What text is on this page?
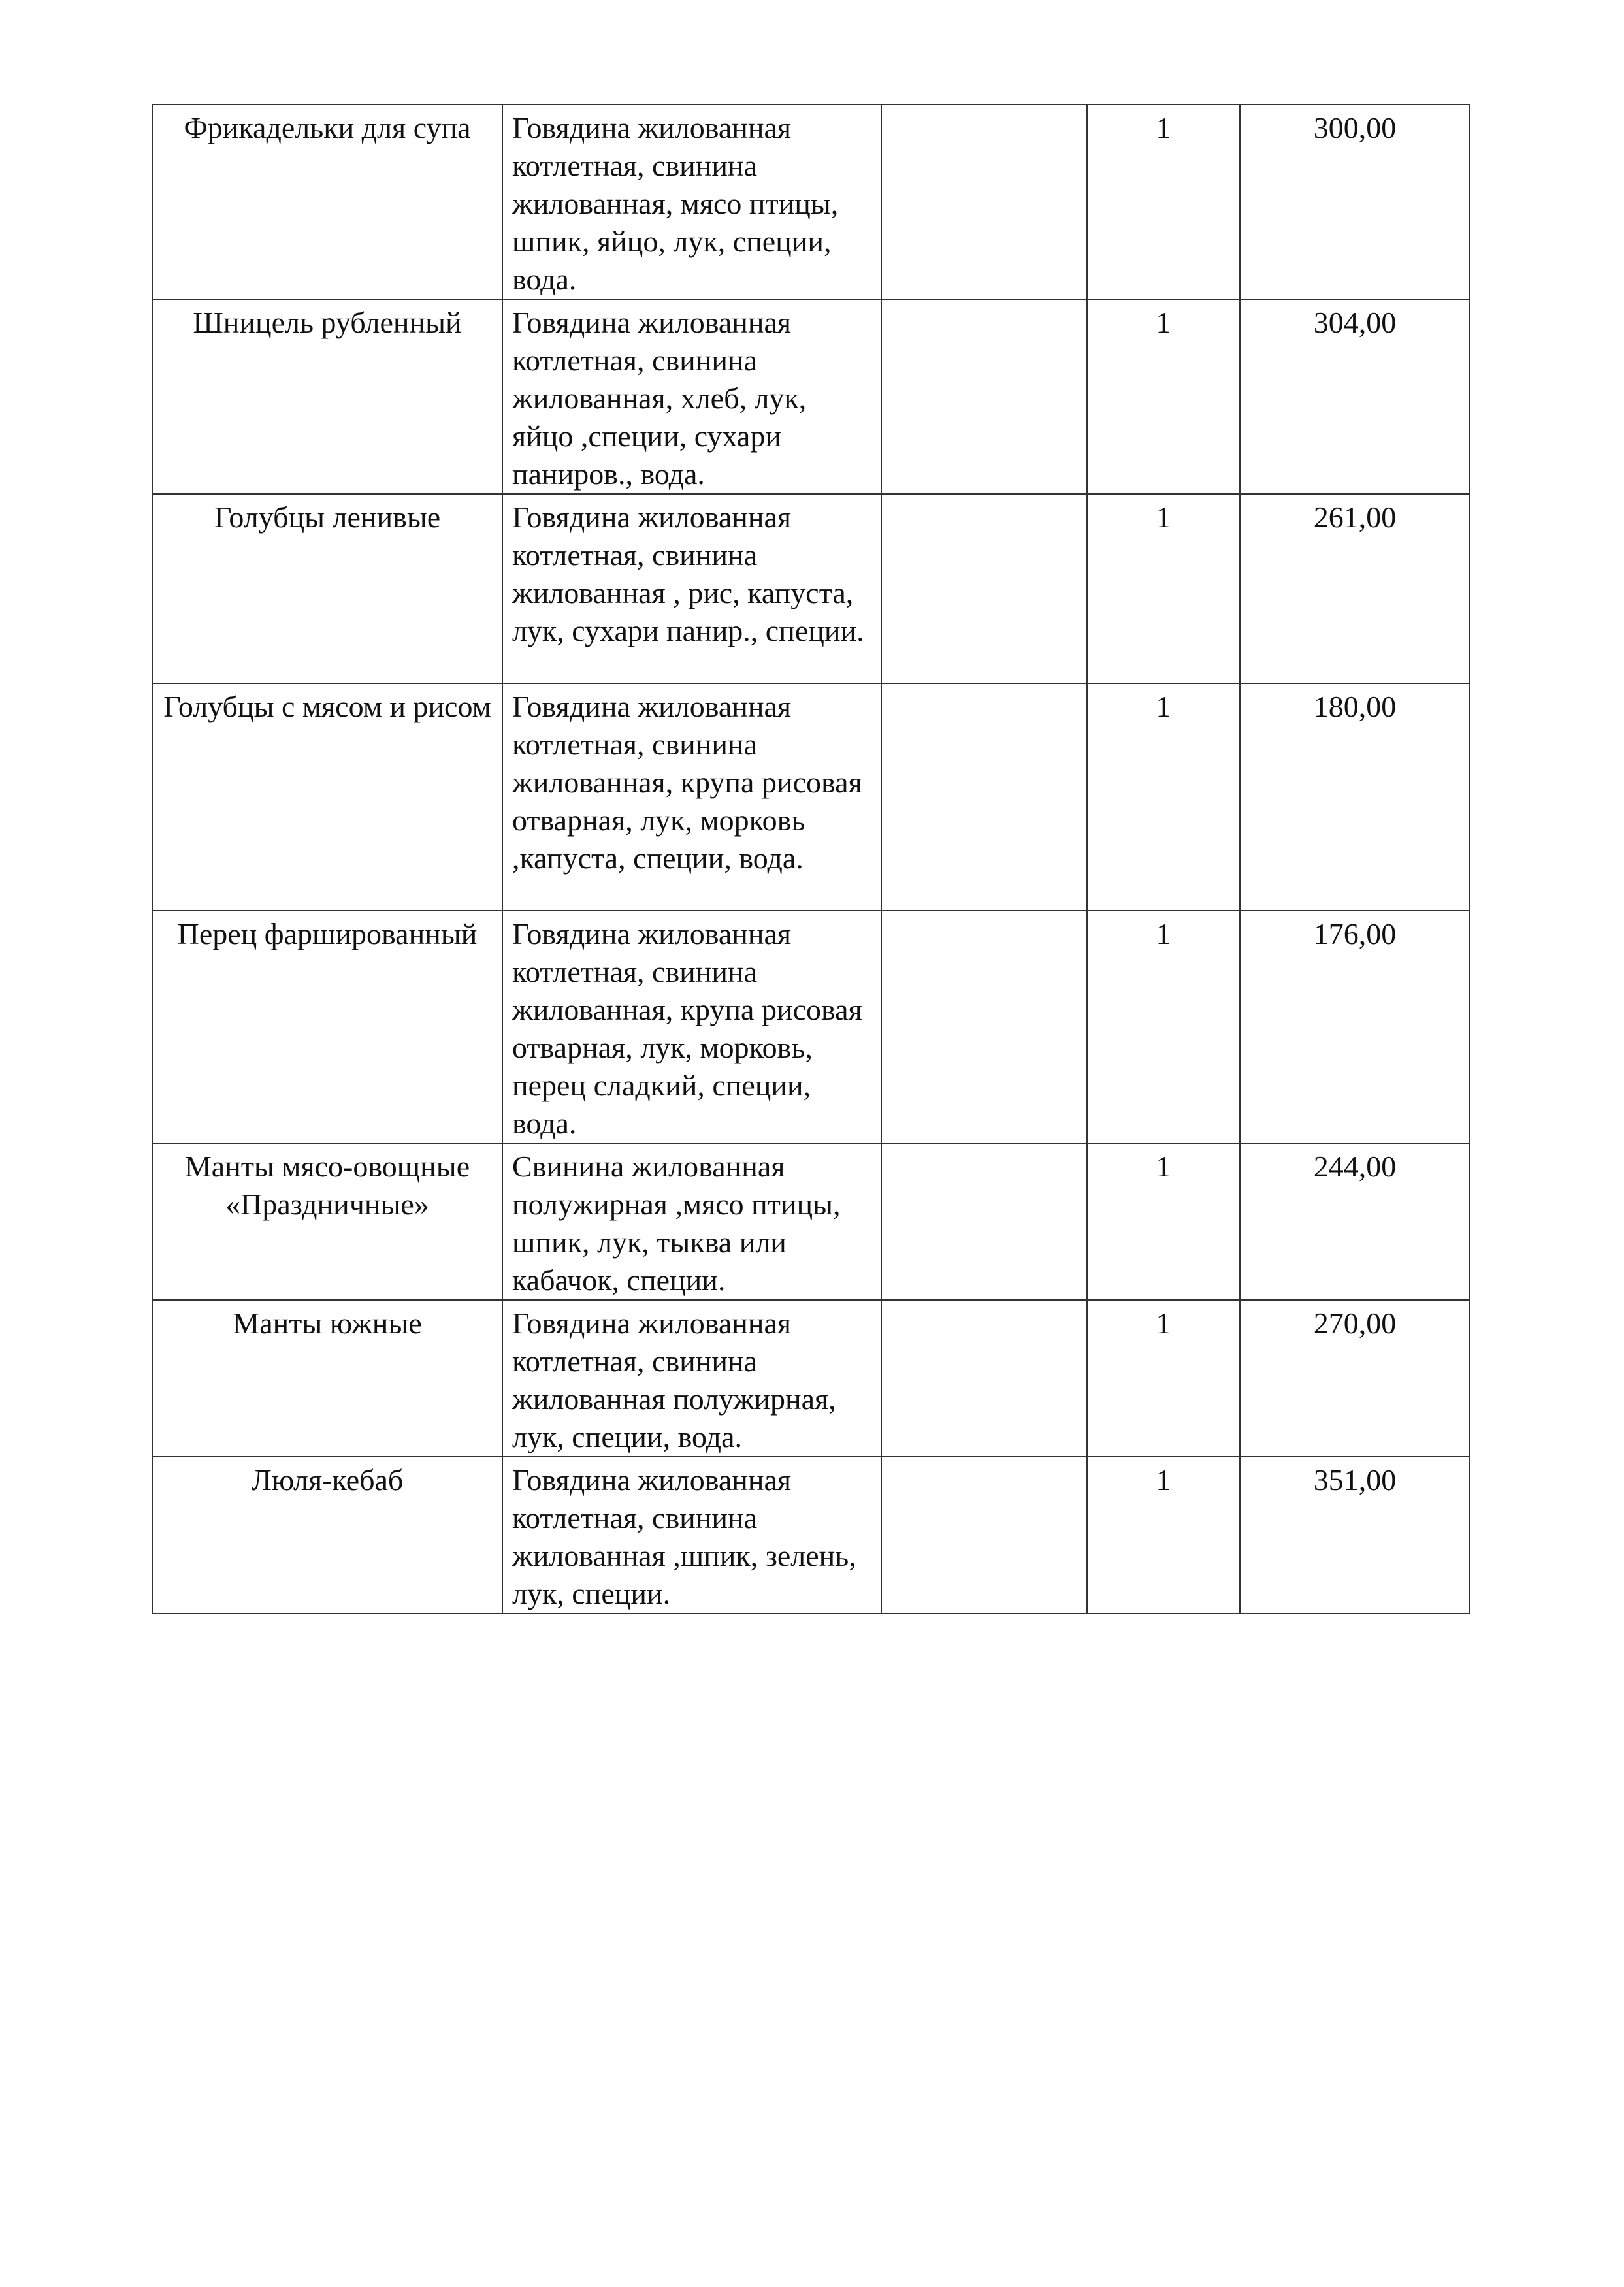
Фрикадельки для супа	Говядина жилованная котлетная, свинина жилованная, мясо птицы, шпик, яйцо, лук, специи, вода.		1	300,00
Шницель рубленный	Говядина жилованная котлетная, свинина жилованная, хлеб, лук, яйцо ,специи, сухари паниров., вода.		1	304,00
Голубцы ленивые	Говядина жилованная котлетная, свинина жилованная , рис, капуста, лук, сухари панир., специи.		1	261,00
Голубцы с мясом и рисом	Говядина жилованная котлетная, свинина жилованная, крупа рисовая отварная, лук, морковь ,капуста, специи, вода.		1	180,00
Перец фаршированный	Говядина жилованная котлетная, свинина жилованная, крупа рисовая отварная, лук, морковь, перец сладкий, специи, вода.		1	176,00
Манты мясо-овощные «Праздничные»	Свинина жилованная полужирная ,мясо птицы, шпик, лук, тыква или кабачок, специи.		1	244,00
Манты южные	Говядина жилованная котлетная, свинина жилованная полужирная, лук, специи, вода.		1	270,00
Люля-кебаб	Говядина жилованная котлетная, свинина жилованная ,шпик, зелень, лук, специи.		1	351,00
